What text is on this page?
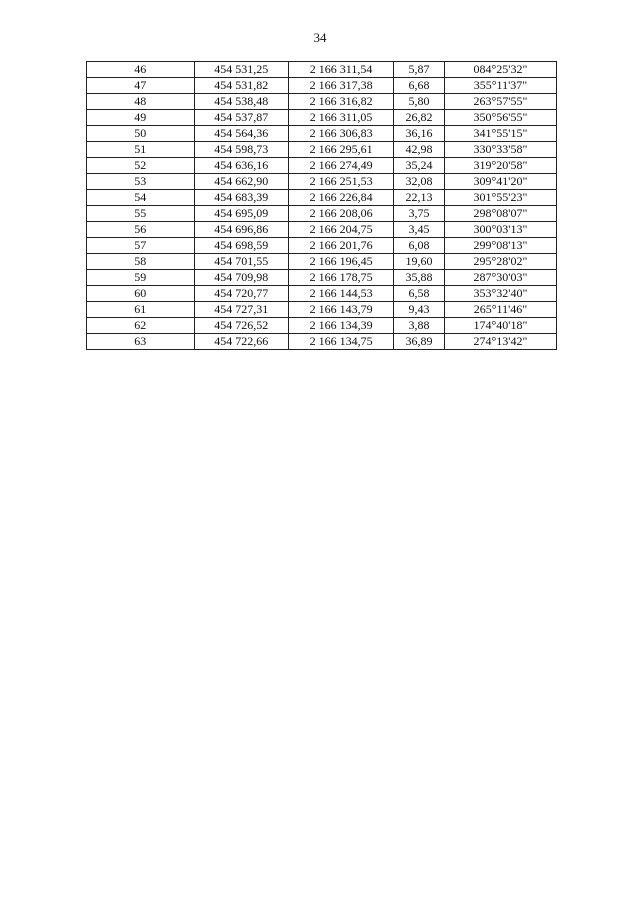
34
46	454 531,25	2 166 311,54	5,87	084°25'32"
47	454 531,82	2 166 317,38	6,68	355°11'37"
48	454 538,48	2 166 316,82	5,80	263°57'55"
49	454 537,87	2 166 311,05	26,82	350°56'55"
50	454 564,36	2 166 306,83	36,16	341°55'15"
51	454 598,73	2 166 295,61	42,98	330°33'58"
52	454 636,16	2 166 274,49	35,24	319°20'58"
53	454 662,90	2 166 251,53	32,08	309°41'20"
54	454 683,39	2 166 226,84	22,13	301°55'23"
55	454 695,09	2 166 208,06	3,75	298°08'07"
56	454 696,86	2 166 204,75	3,45	300°03'13"
57	454 698,59	2 166 201,76	6,08	299°08'13"
58	454 701,55	2 166 196,45	19,60	295°28'02"
59	454 709,98	2 166 178,75	35,88	287°30'03"
60	454 720,77	2 166 144,53	6,58	353°32'40"
61	454 727,31	2 166 143,79	9,43	265°11'46"
62	454 726,52	2 166 134,39	3,88	174°40'18"
63	454 722,66	2 166 134,75	36,89	274°13'42"
